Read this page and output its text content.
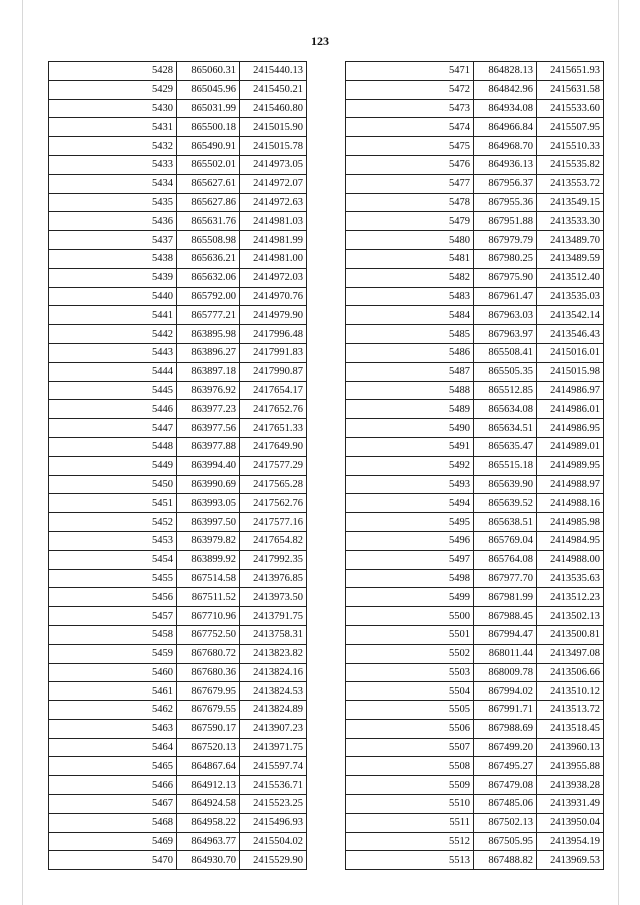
123
5428	865060.31	2415440.13
5429	865045.96	2415450.21
5430	865031.99	2415460.80
5431	865500.18	2415015.90
5432	865490.91	2415015.78
5433	865502.01	2414973.05
5434	865627.61	2414972.07
5435	865627.86	2414972.63
5436	865631.76	2414981.03
5437	865508.98	2414981.99
5438	865636.21	2414981.00
5439	865632.06	2414972.03
5440	865792.00	2414970.76
5441	865777.21	2414979.90
5442	863895.98	2417996.48
5443	863896.27	2417991.83
5444	863897.18	2417990.87
5445	863976.92	2417654.17
5446	863977.23	2417652.76
5447	863977.56	2417651.33
5448	863977.88	2417649.90
5449	863994.40	2417577.29
5450	863990.69	2417565.28
5451	863993.05	2417562.76
5452	863997.50	2417577.16
5453	863979.82	2417654.82
5454	863899.92	2417992.35
5455	867514.58	2413976.85
5456	867511.52	2413973.50
5457	867710.96	2413791.75
5458	867752.50	2413758.31
5459	867680.72	2413823.82
5460	867680.36	2413824.16
5461	867679.95	2413824.53
5462	867679.55	2413824.89
5463	867590.17	2413907.23
5464	867520.13	2413971.75
5465	864867.64	2415597.74
5466	864912.13	2415536.71
5467	864924.58	2415523.25
5468	864958.22	2415496.93
5469	864963.77	2415504.02
5470	864930.70	2415529.90
5471	864828.13	2415651.93
5472	864842.96	2415631.58
5473	864934.08	2415533.60
5474	864966.84	2415507.95
5475	864968.70	2415510.33
5476	864936.13	2415535.82
5477	867956.37	2413553.72
5478	867955.36	2413549.15
5479	867951.88	2413533.30
5480	867979.79	2413489.70
5481	867980.25	2413489.59
5482	867975.90	2413512.40
5483	867961.47	2413535.03
5484	867963.03	2413542.14
5485	867963.97	2413546.43
5486	865508.41	2415016.01
5487	865505.35	2415015.98
5488	865512.85	2414986.97
5489	865634.08	2414986.01
5490	865634.51	2414986.95
5491	865635.47	2414989.01
5492	865515.18	2414989.95
5493	865639.90	2414988.97
5494	865639.52	2414988.16
5495	865638.51	2414985.98
5496	865769.04	2414984.95
5497	865764.08	2414988.00
5498	867977.70	2413535.63
5499	867981.99	2413512.23
5500	867988.45	2413502.13
5501	867994.47	2413500.81
5502	868011.44	2413497.08
5503	868009.78	2413506.66
5504	867994.02	2413510.12
5505	867991.71	2413513.72
5506	867988.69	2413518.45
5507	867499.20	2413960.13
5508	867495.27	2413955.88
5509	867479.08	2413938.28
5510	867485.06	2413931.49
5511	867502.13	2413950.04
5512	867505.95	2413954.19
5513	867488.82	2413969.53
